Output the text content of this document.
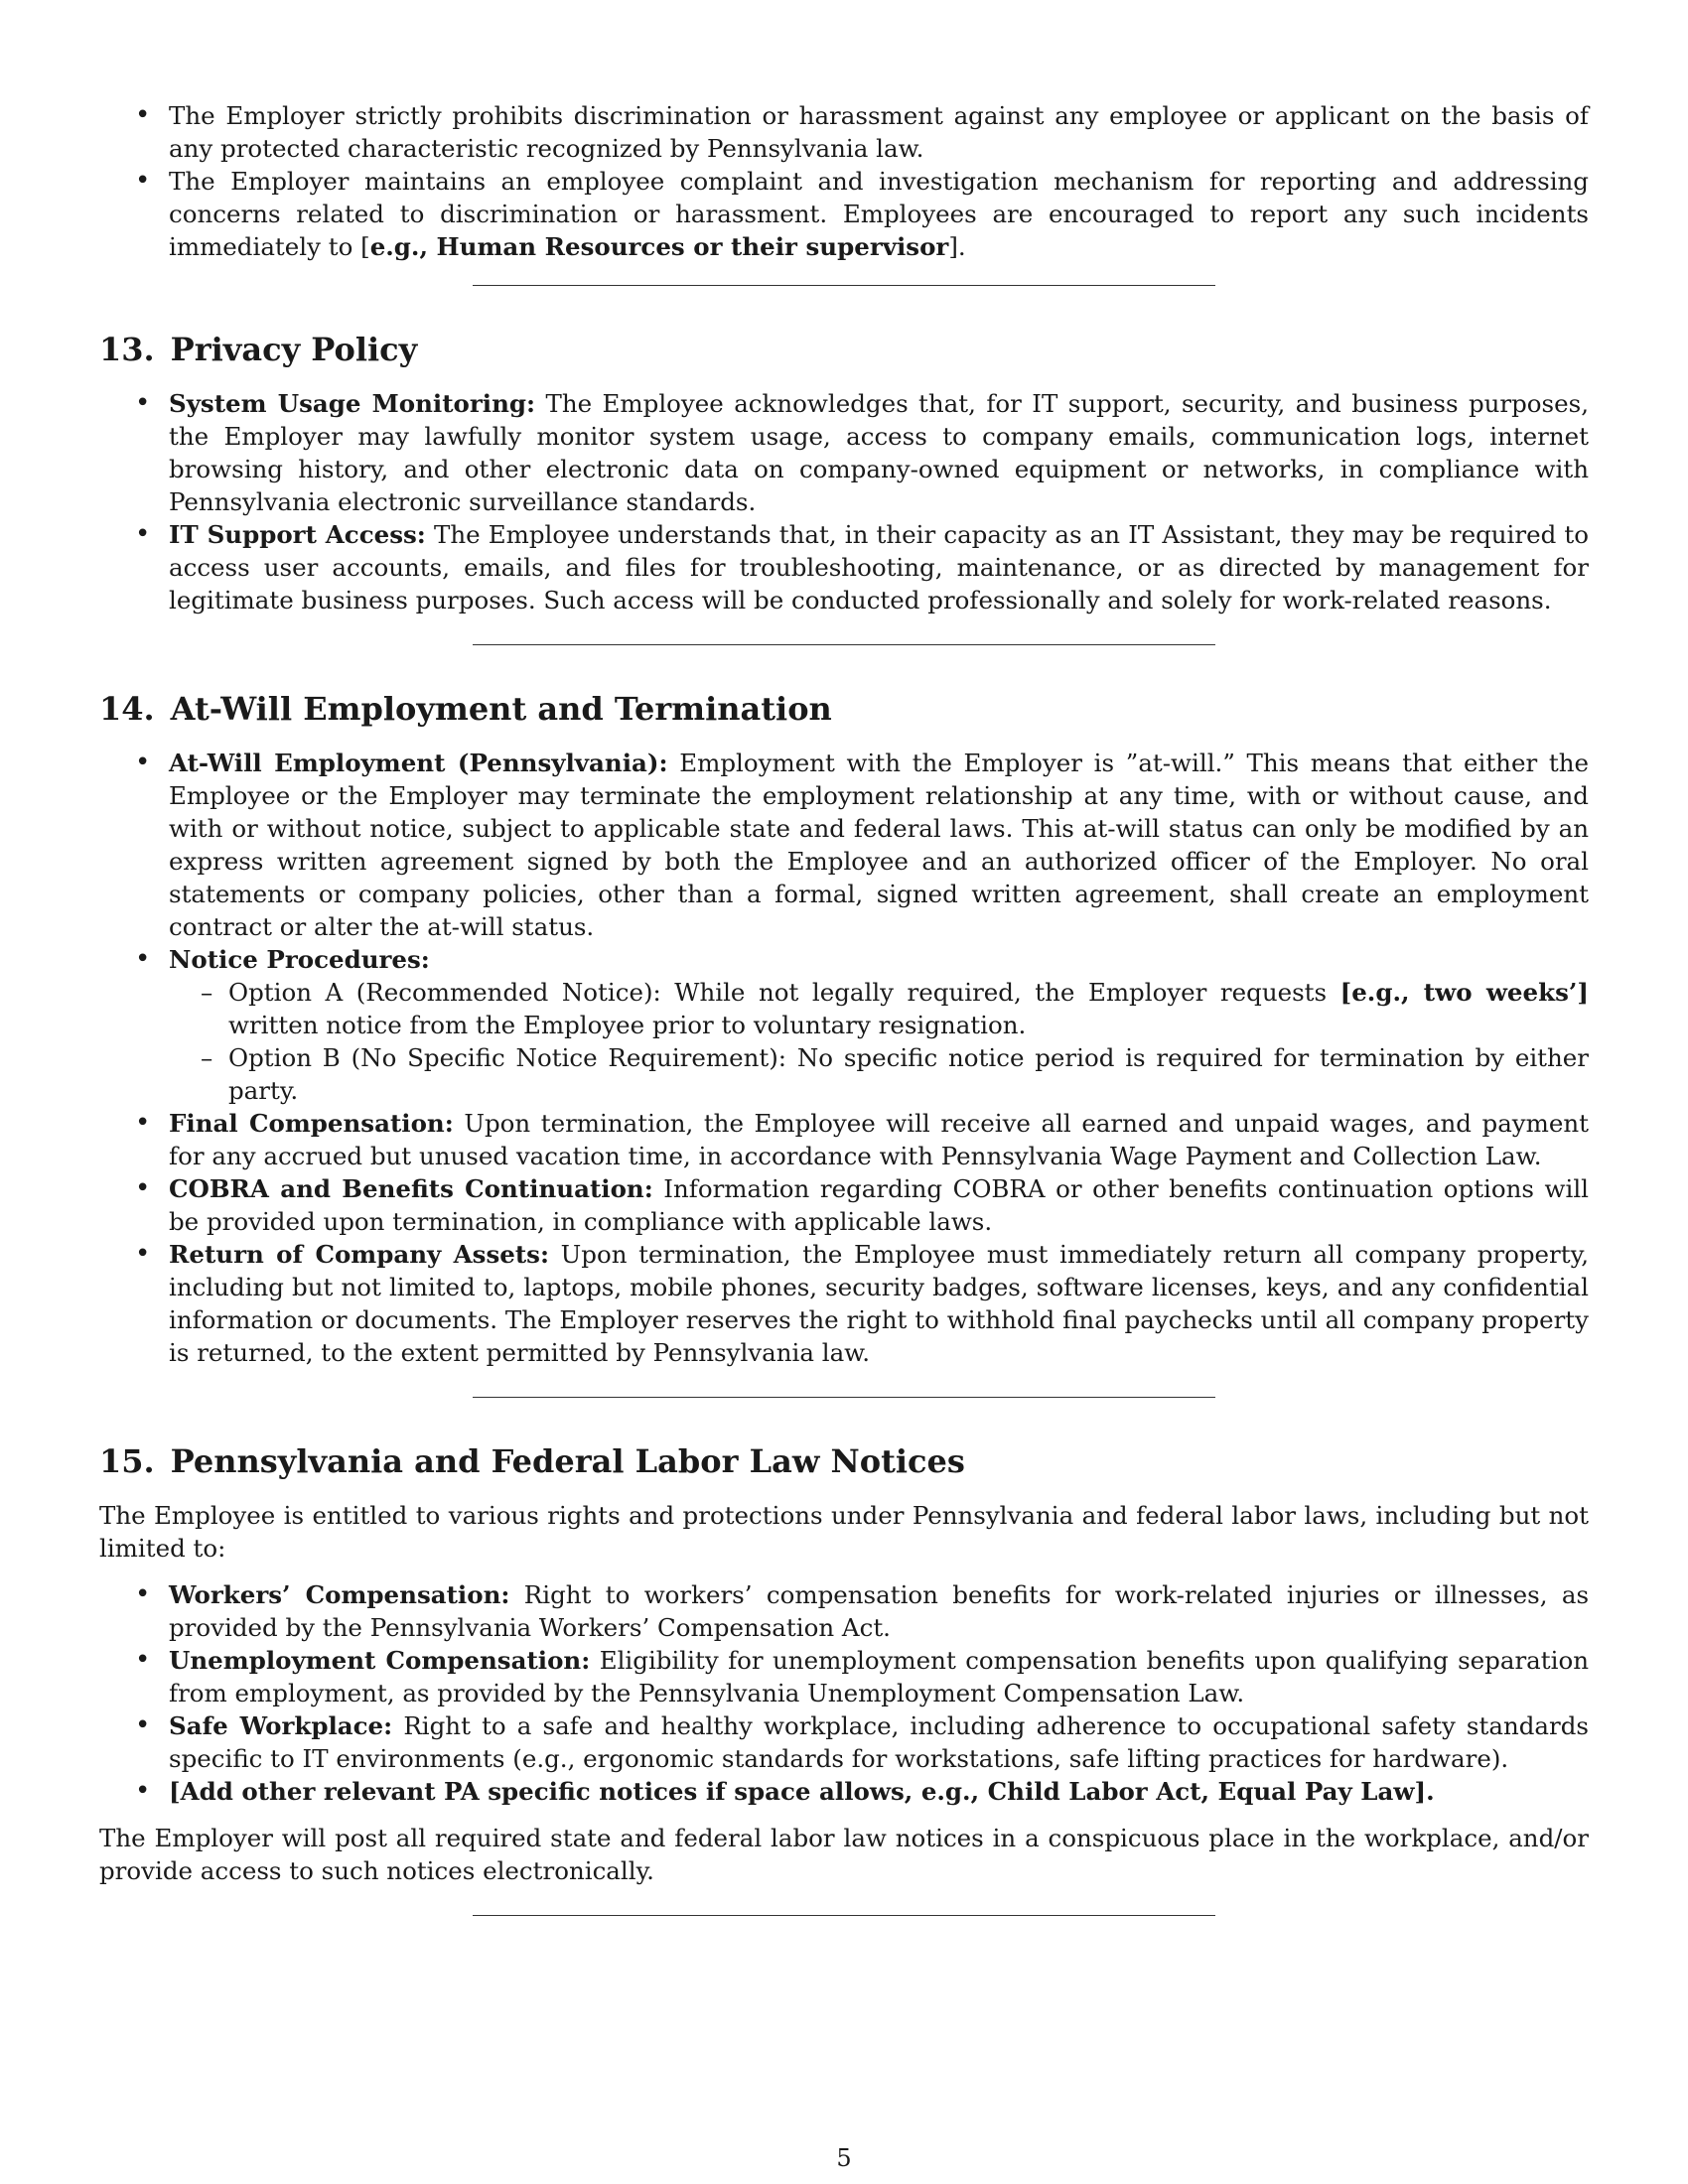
• The Employer strictly prohibits discrimination or harassment against any employee or applicant on the basis of any protected characteristic recognized by Pennsylvania law.
• The Employer maintains an employee complaint and investigation mechanism for reporting and addressing concerns related to discrimination or harassment. Employees are encouraged to report any such incidents immediately to [e.g., Human Resources or their supervisor].
13. Privacy Policy
• System Usage Monitoring: The Employee acknowledges that, for IT support, security, and business purposes, the Employer may lawfully monitor system usage, access to company emails, communication logs, internet browsing history, and other electronic data on company-owned equipment or networks, in compliance with Pennsylvania electronic surveillance standards.
• IT Support Access: The Employee understands that, in their capacity as an IT Assistant, they may be required to access user accounts, emails, and files for troubleshooting, maintenance, or as directed by management for legitimate business purposes. Such access will be conducted professionally and solely for work-related reasons.
14. At-Will Employment and Termination
• At-Will Employment (Pennsylvania): Employment with the Employer is ”at-will.” This means that either the Employee or the Employer may terminate the employment relationship at any time, with or without cause, and with or without notice, subject to applicable state and federal laws. This at-will status can only be modified by an express written agreement signed by both the Employee and an authorized officer of the Employer. No oral statements or company policies, other than a formal, signed written agreement, shall create an employment contract or alter the at-will status.
• Notice Procedures:
– Option A (Recommended Notice): While not legally required, the Employer requests [e.g., two weeks’] written notice from the Employee prior to voluntary resignation.
– Option B (No Specific Notice Requirement): No specific notice period is required for termination by either party.
• Final Compensation: Upon termination, the Employee will receive all earned and unpaid wages, and payment for any accrued but unused vacation time, in accordance with Pennsylvania Wage Payment and Collection Law.
• COBRA and Benefits Continuation: Information regarding COBRA or other benefits continuation options will be provided upon termination, in compliance with applicable laws.
• Return of Company Assets: Upon termination, the Employee must immediately return all company property, including but not limited to, laptops, mobile phones, security badges, software licenses, keys, and any confidential information or documents. The Employer reserves the right to withhold final paychecks until all company property is returned, to the extent permitted by Pennsylvania law.
15. Pennsylvania and Federal Labor Law Notices

The Employee is entitled to various rights and protections under Pennsylvania and federal labor laws, including but not limited to:

• Workers’ Compensation: Right to workers’ compensation benefits for work-related injuries or illnesses, as provided by the Pennsylvania Workers’ Compensation Act.
• Unemployment Compensation: Eligibility for unemployment compensation benefits upon qualifying separation from employment, as provided by the Pennsylvania Unemployment Compensation Law.
• Safe Workplace: Right to a safe and healthy workplace, including adherence to occupational safety standards specific to IT environments (e.g., ergonomic standards for workstations, safe lifting practices for hardware).
• [Add other relevant PA specific notices if space allows, e.g., Child Labor Act, Equal Pay Law].

The Employer will post all required state and federal labor law notices in a conspicuous place in the workplace, and/or provide access to such notices electronically.

5
